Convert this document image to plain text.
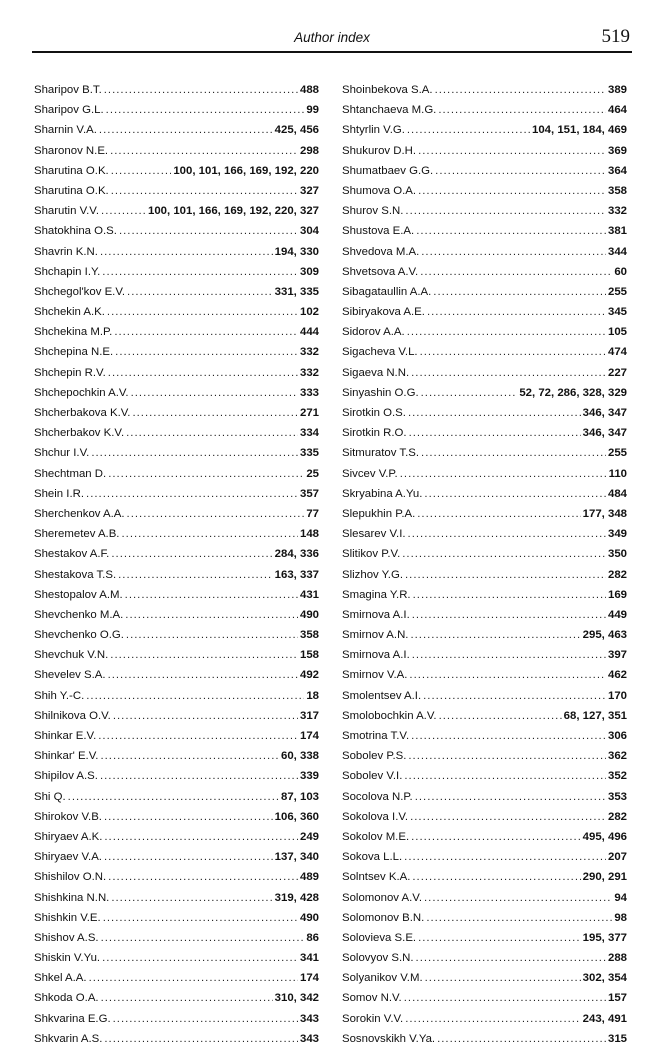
Author index	519
Sharipov B.T. .....	488
Sharipov G.L. .....	99
Sharnin V.A. .....	425, 456
Sharonov N.E. .....	298
Sharutina O.K. .....	100, 101, 166, 169, 192, 220
Sharutina O.K. .....	327
Sharutin V.V. .....	100, 101, 166, 169, 192, 220, 327
Shatokhina O.S. .....	304
Shavrin K.N. .....	194, 330
Shchapin I.Y. .....	309
Shchegol'kov E.V. .....	331, 335
Shchekin A.K. .....	102
Shchekina M.P. .....	444
Shchepina N.E. .....	332
Shchepin R.V. .....	332
Shchepochkin A.V. .....	333
Shcherbakova K.V. .....	271
Shcherbakov K.V. .....	334
Shchur I.V. .....	335
Shechtman D. .....	25
Shein I.R. .....	357
Sherchenkov A.A. .....	77
Sheremetev A.B. .....	148
Shestakov A.F. .....	284, 336
Shestakova T.S. .....	163, 337
Shestopalov A.M. .....	431
Shevchenko M.A. .....	490
Shevchenko O.G. .....	358
Shevchuk V.N. .....	158
Shevelev S.A. .....	492
Shih Y.-C. .....	18
Shilnikova O.V. .....	317
Shinkar E.V. .....	174
Shinkar' E.V. .....	60, 338
Shipilov A.S. .....	339
Shi Q. .....	87, 103
Shirokov V.B. .....	106, 360
Shiryaev A.K. .....	249
Shiryaev V.A. .....	137, 340
Shishilov O.N. .....	489
Shishkina N.N. .....	319, 428
Shishkin V.E. .....	490
Shishov A.S. .....	86
Shiskin V.Yu. .....	341
Shkel A.A. .....	174
Shkoda O.A. .....	310, 342
Shkvarina E.G. .....	343
Shkvarin A.S. .....	343
Shoinbekova S.A. .....	389
Shtanchaeva M.G. .....	464
Shtyrlin V.G. .....	104, 151, 184, 469
Shukurov D.H. .....	369
Shumatbaev G.G. .....	364
Shumova O.A. .....	358
Shurov S.N. .....	332
Shustova E.A. .....	381
Shvedova M.A. .....	344
Shvetsova A.V. .....	60
Sibagataullin A.A. .....	255
Sibiryakova A.E. .....	345
Sidorov A.A. .....	105
Sigacheva V.L. .....	474
Sigaeva N.N. .....	227
Sinyashin O.G. .....	52, 72, 286, 328, 329
Sirotkin O.S. .....	346, 347
Sirotkin R.O. .....	346, 347
Sitmuratov T.S. .....	255
Sivcev V.P. .....	110
Skryabina A.Yu. .....	484
Slepukhin P.A. .....	177, 348
Slesarev V.I. .....	349
Slitikov P.V. .....	350
Slizhov Y.G. .....	282
Smagina Y.R. .....	169
Smirnova A.I. .....	449
Smirnov A.N. .....	295, 463
Smirnova A.I. .....	397
Smirnov V.A. .....	462
Smolentsev A.I. .....	170
Smolobochkin A.V. .....	68, 127, 351
Smotrina T.V. .....	306
Sobolev P.S. .....	362
Sobolev V.I. .....	352
Socolova N.P. .....	353
Sokolova I.V. .....	282
Sokolov M.E. .....	495, 496
Sokova L.L. .....	207
Solntsev K.A. .....	290, 291
Solomonov A.V. .....	94
Solomonov B.N. .....	98
Solovieva S.E. .....	195, 377
Solovyov S.N. .....	288
Solyanikov V.M. .....	302, 354
Somov N.V. .....	157
Sorokin V.V. .....	243, 491
Sosnovskikh V.Ya. .....	315
